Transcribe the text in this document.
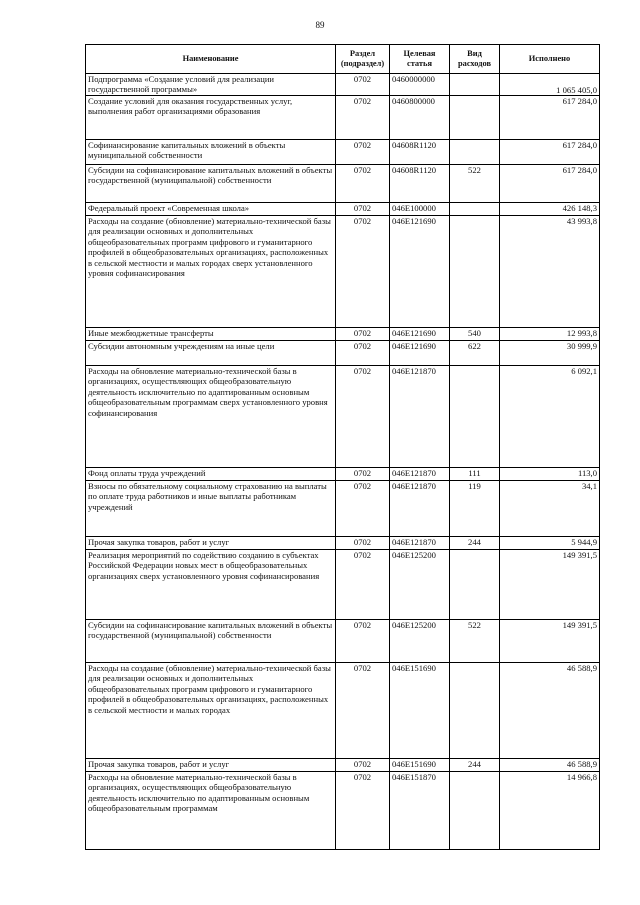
89
Наименование	Раздел (подраздел)	Целевая статья	Вид расходов	Исполнено
Подпрограмма «Создание условий для реализации государственной программы»	0702	0460000000		1 065 405,0
Создание условий для оказания государственных услуг, выполнения работ организациями образования	0702	0460800000		617 284,0
Софинансирование капитальных вложений в объекты муниципальной собственности	0702	04608R1120		617 284,0
Субсидии на софинансирование капитальных вложений в объекты государственной (муниципальной) собственности	0702	04608R1120	522	617 284,0
Федеральный проект «Современная школа»	0702	046E100000		426 148,3
Расходы на создание (обновление) материально-технической базы для реализации основных и дополнительных общеобразовательных программ цифрового и гуманитарного профилей в общеобразовательных организациях, расположенных в сельской местности и малых городах сверх установленного уровня софинансирования	0702	046E121690		43 993,8
Иные межбюджетные трансферты	0702	046E121690	540	12 993,8
Субсидии автономным учреждениям на иные цели	0702	046E121690	622	30 999,9
Расходы на обновление материально-технической базы в организациях, осуществляющих общеобразовательную деятельность исключительно по адаптированным основным общеобразовательным программам сверх установленного уровня софинансирования	0702	046E121870		6 092,1
Фонд оплаты труда учреждений	0702	046E121870	111	113,0
Взносы по обязательному социальному страхованию на выплаты по оплате труда работников и иные выплаты работникам учреждений	0702	046E121870	119	34,1
Прочая закупка товаров, работ и услуг	0702	046E121870	244	5 944,9
Реализация мероприятий по содействию созданию в субъектах Российской Федерации новых мест в общеобразовательных организациях сверх установленного уровня софинансирования	0702	046E125200		149 391,5
Субсидии на софинансирование капитальных вложений в объекты государственной (муниципальной) собственности	0702	046E125200	522	149 391,5
Расходы на создание (обновление) материально-технической базы для реализации основных и дополнительных общеобразовательных программ цифрового и гуманитарного профилей в общеобразовательных организациях, расположенных в сельской местности и малых городах	0702	046E151690		46 588,9
Прочая закупка товаров, работ и услуг	0702	046E151690	244	46 588,9
Расходы на обновление материально-технической базы в организациях, осуществляющих общеобразовательную деятельность исключительно по адаптированным основным общеобразовательным программам	0702	046E151870		14 966,8
